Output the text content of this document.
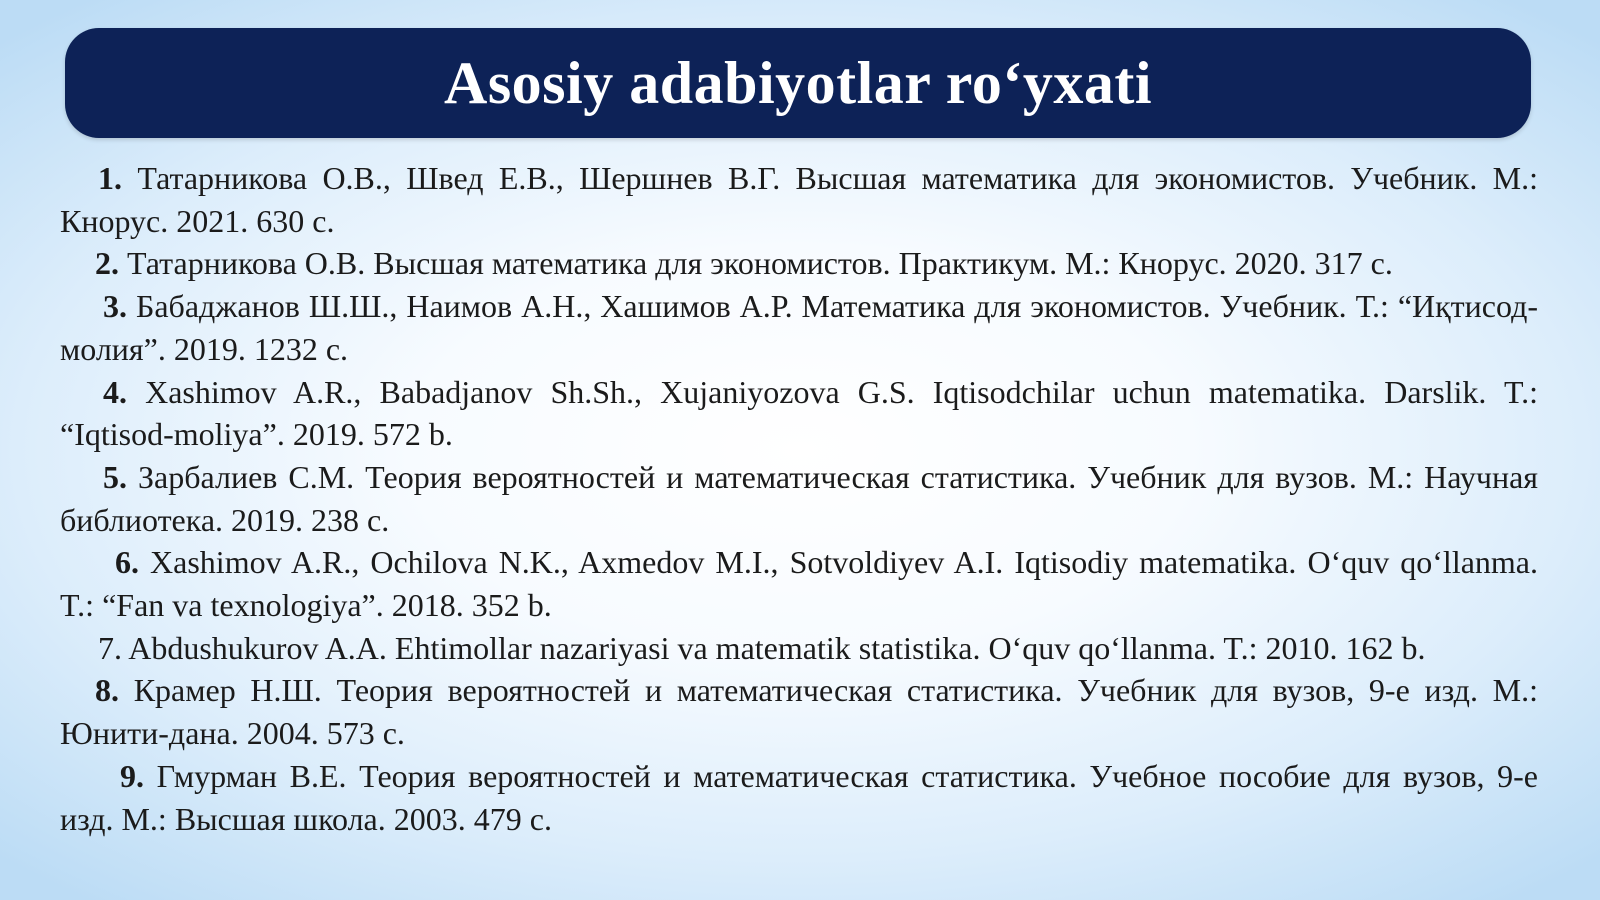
Asosiy adabiyotlar ro‘yxati

1. Татарникова О.В., Швед Е.В., Шершнев В.Г. Высшая математика для экономистов. Учебник. М.: Кнорус. 2021. 630 с.

2. Татарникова О.В. Высшая математика для экономистов. Практикум. М.: Кнорус. 2020. 317 с.

3. Бабаджанов Ш.Ш., Наимов А.Н., Хашимов А.Р. Математика для экономистов. Учебник. Т.: “Иқтисод-молия”. 2019. 1232 с.

4. Xashimov A.R., Babadjanov Sh.Sh., Xujaniyozova G.S. Iqtisodchilar uchun matematika. Darslik. T.: “Iqtisod-moliya”. 2019. 572 b.

5. Зарбалиев С.М. Теория вероятностей и математическая статистика. Учебник для вузов. М.: Научная библиотека. 2019. 238 с.

6. Xashimov A.R., Ochilova N.K., Axmedov M.I., Sotvoldiyev A.I. Iqtisodiy matematika. O‘quv qo‘llanma. T.: “Fan va texnologiya”. 2018. 352 b.

7. Abdushukurov A.A. Ehtimollar nazariyasi va matematik statistika. O‘quv qo‘llanma. T.: 2010. 162 b.

8. Крамер Н.Ш. Теория вероятностей и математическая статистика. Учебник для вузов, 9-е изд. М.: Юнити-дана. 2004. 573 с.

9. Гмурман В.Е. Теория вероятностей и математическая статистика. Учебное пособие для вузов, 9-е изд. М.: Высшая школа. 2003. 479 с.
